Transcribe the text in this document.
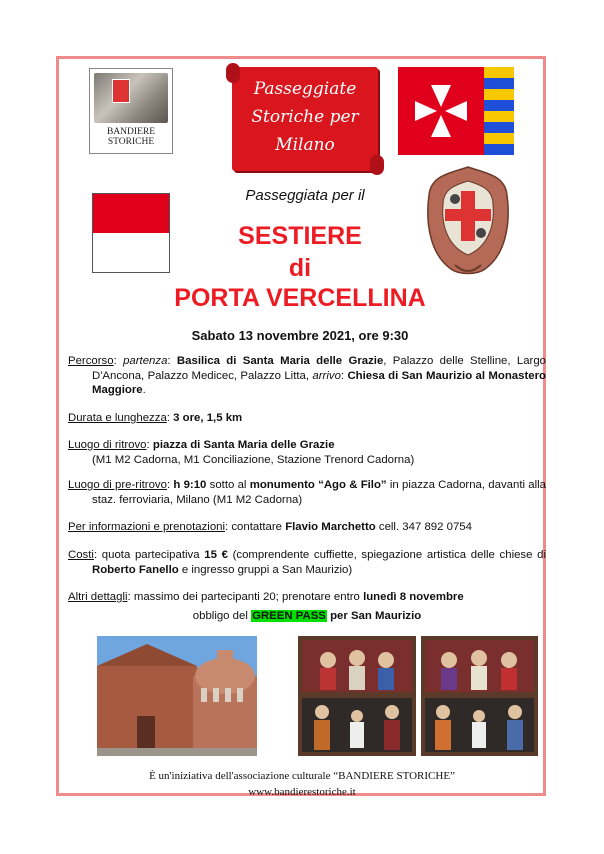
BANDIERE
STORICHE
Passeggiate
Storiche per
Milano
Passeggiata per il
SESTIERE
di
PORTA VERCELLINA
Sabato 13 novembre 2021, ore 9:30
Percorso: partenza: Basilica di Santa Maria delle Grazie, Palazzo delle Stelline, Largo D'Ancona, Palazzo Medicec, Palazzo Litta, arrivo: Chiesa di San Maurizio al Monastero Maggiore.
Durata e lunghezza: 3 ore, 1,5 km
Luogo di ritrovo: piazza di Santa Maria delle Grazie
(M1 M2 Cadorna, M1 Conciliazione, Stazione Trenord Cadorna)
Luogo di pre-ritrovo: h 9:10 sotto al monumento “Ago & Filo” in piazza Cadorna, davanti alla staz. ferroviaria, Milano (M1 M2 Cadorna)
Per informazioni e prenotazioni: contattare Flavio Marchetto cell. 347 892 0754
Costi: quota partecipativa 15 € (comprendente cuffiette, spiegazione artistica delle chiese di Roberto Fanello e ingresso gruppi a San Maurizio)
Altri dettagli: massimo dei partecipanti 20; prenotare entro lunedì 8 novembre
obbligo del GREEN PASS per San Maurizio
È un'iniziativa dell'associazione culturale “BANDIERE STORICHE”
www.bandierestoriche.it
